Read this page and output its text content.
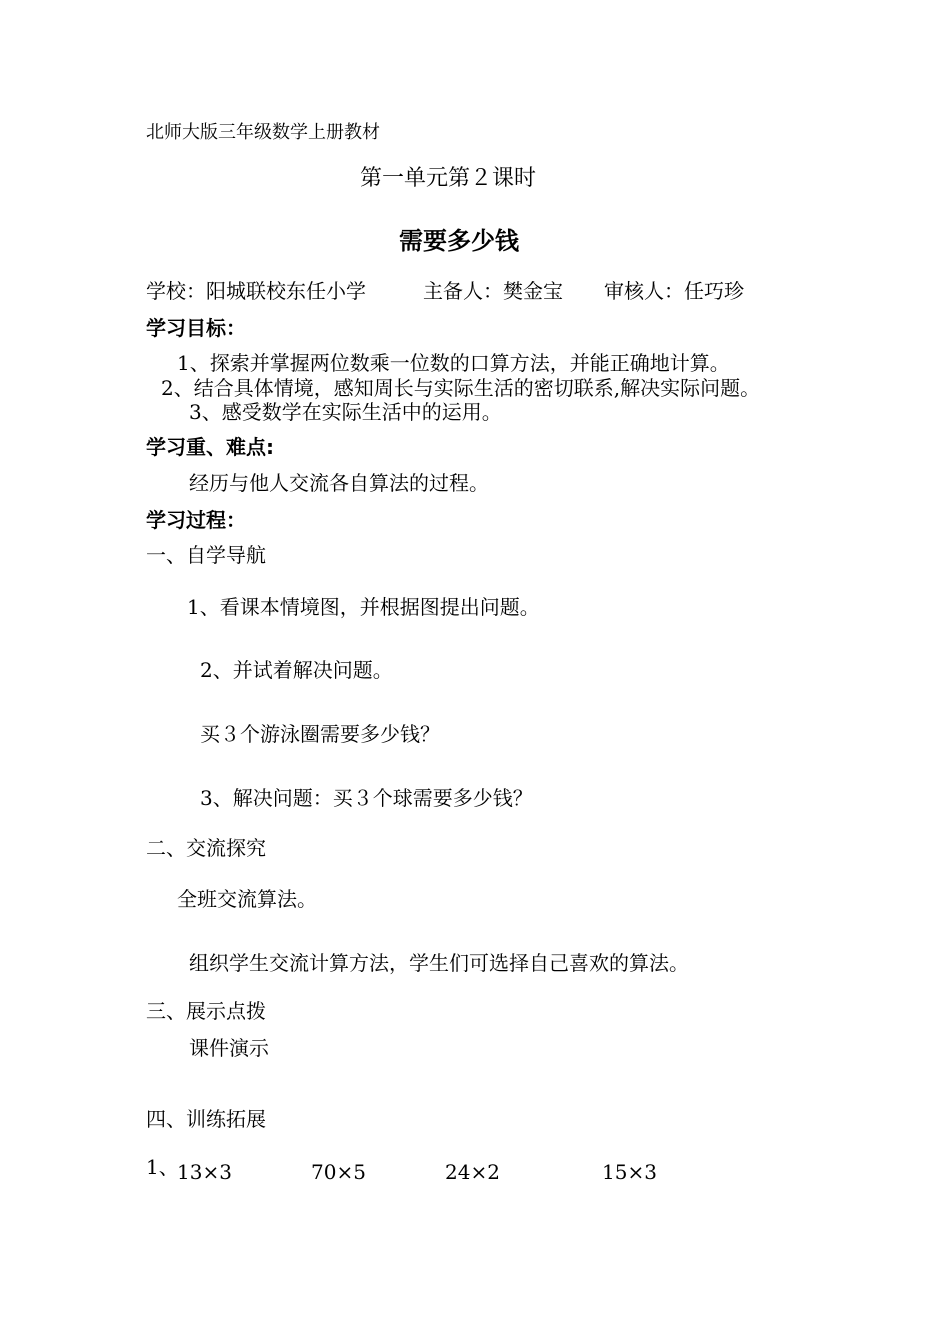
北师大版三年级数学上册教材

第一单元第２课时

需要多少钱

学校：阳城联校东任小学	主备人：樊金宝 审核人：任巧珍

学习目标：

1、探索并掌握两位数乘一位数的口算方法，并能正确地计算。

2、结合具体情境，感知周长与实际生活的密切联系,解决实际问题。

3、感受数学在实际生活中的运用。

学习重、难点:

经历与他人交流各自算法的过程。

学习过程：

一、自学导航

1、看课本情境图，并根据图提出问题。

2、并试着解决问题。

买３个游泳圈需要多少钱？

3、解决问题：买３个球需要多少钱？

二、交流探究

全班交流算法。

组织学生交流计算方法，学生们可选择自己喜欢的算法。

三、展示点拨

课件演示

四、训练拓展

1、

13×3	70×5	24×2	15×3
